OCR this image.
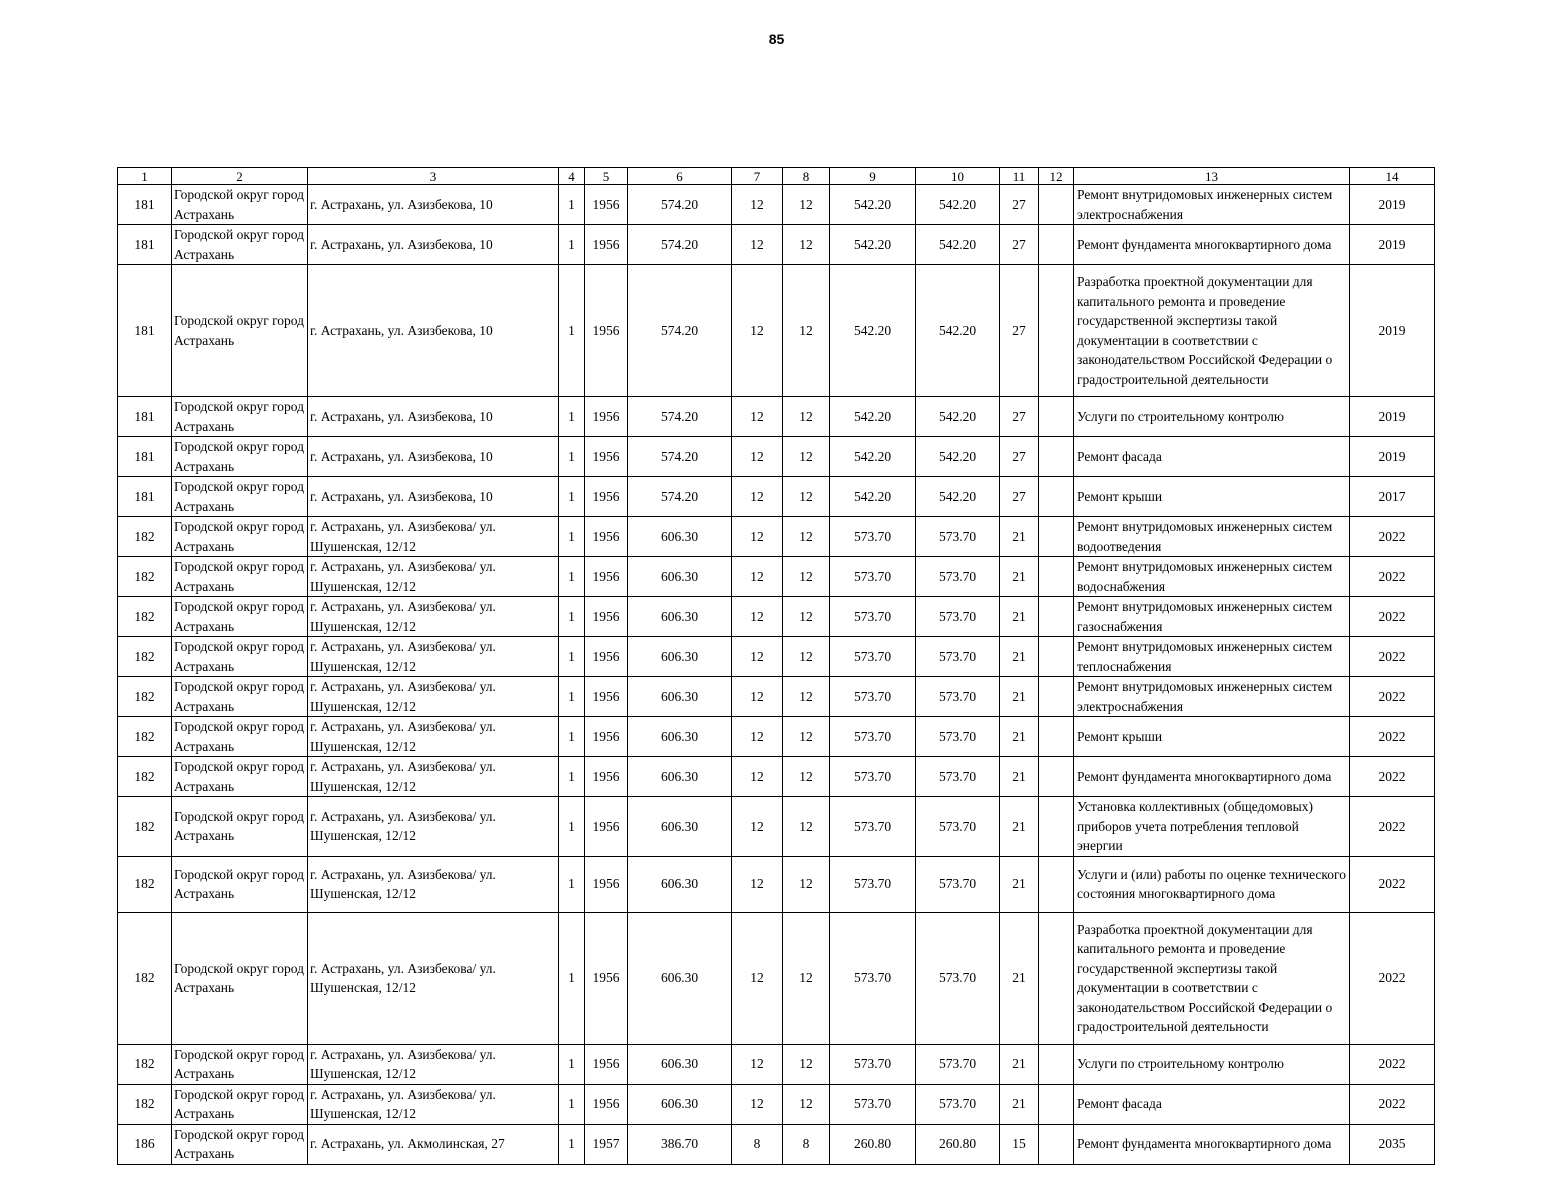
85
1	2	3	4	5	6	7	8	9	10	11	12	13	14
181	Городской округ город Астрахань	г. Астрахань, ул. Азизбекова, 10	1	1956	574.20	12	12	542.20	542.20	27		Ремонт внутридомовых инженерных систем электроснабжения	2019
181	Городской округ город Астрахань	г. Астрахань, ул. Азизбекова, 10	1	1956	574.20	12	12	542.20	542.20	27		Ремонт фундамента многоквартирного дома	2019
181	Городской округ город Астрахань	г. Астрахань, ул. Азизбекова, 10	1	1956	574.20	12	12	542.20	542.20	27		Разработка проектной документации для капитального ремонта и проведение государственной экспертизы такой документации в соответствии с законодательством Российской Федерации о градостроительной деятельности	2019
181	Городской округ город Астрахань	г. Астрахань, ул. Азизбекова, 10	1	1956	574.20	12	12	542.20	542.20	27		Услуги по строительному контролю	2019
181	Городской округ город Астрахань	г. Астрахань, ул. Азизбекова, 10	1	1956	574.20	12	12	542.20	542.20	27		Ремонт фасада	2019
181	Городской округ город Астрахань	г. Астрахань, ул. Азизбекова, 10	1	1956	574.20	12	12	542.20	542.20	27		Ремонт крыши	2017
182	Городской округ город Астрахань	г. Астрахань, ул. Азизбекова/ ул. Шушенская, 12/12	1	1956	606.30	12	12	573.70	573.70	21		Ремонт внутридомовых инженерных систем водоотведения	2022
182	Городской округ город Астрахань	г. Астрахань, ул. Азизбекова/ ул. Шушенская, 12/12	1	1956	606.30	12	12	573.70	573.70	21		Ремонт внутридомовых инженерных систем водоснабжения	2022
182	Городской округ город Астрахань	г. Астрахань, ул. Азизбекова/ ул. Шушенская, 12/12	1	1956	606.30	12	12	573.70	573.70	21		Ремонт внутридомовых инженерных систем газоснабжения	2022
182	Городской округ город Астрахань	г. Астрахань, ул. Азизбекова/ ул. Шушенская, 12/12	1	1956	606.30	12	12	573.70	573.70	21		Ремонт внутридомовых инженерных систем теплоснабжения	2022
182	Городской округ город Астрахань	г. Астрахань, ул. Азизбекова/ ул. Шушенская, 12/12	1	1956	606.30	12	12	573.70	573.70	21		Ремонт внутридомовых инженерных систем электроснабжения	2022
182	Городской округ город Астрахань	г. Астрахань, ул. Азизбекова/ ул. Шушенская, 12/12	1	1956	606.30	12	12	573.70	573.70	21		Ремонт крыши	2022
182	Городской округ город Астрахань	г. Астрахань, ул. Азизбекова/ ул. Шушенская, 12/12	1	1956	606.30	12	12	573.70	573.70	21		Ремонт фундамента многоквартирного дома	2022
182	Городской округ город Астрахань	г. Астрахань, ул. Азизбекова/ ул. Шушенская, 12/12	1	1956	606.30	12	12	573.70	573.70	21		Установка коллективных (общедомовых) приборов учета потребления тепловой энергии	2022
182	Городской округ город Астрахань	г. Астрахань, ул. Азизбекова/ ул. Шушенская, 12/12	1	1956	606.30	12	12	573.70	573.70	21		Услуги и (или) работы по оценке технического состояния многоквартирного дома	2022
182	Городской округ город Астрахань	г. Астрахань, ул. Азизбекова/ ул. Шушенская, 12/12	1	1956	606.30	12	12	573.70	573.70	21		Разработка проектной документации для капитального ремонта и проведение государственной экспертизы такой документации в соответствии с законодательством Российской Федерации о градостроительной деятельности	2022
182	Городской округ город Астрахань	г. Астрахань, ул. Азизбекова/ ул. Шушенская, 12/12	1	1956	606.30	12	12	573.70	573.70	21		Услуги по строительному контролю	2022
182	Городской округ город Астрахань	г. Астрахань, ул. Азизбекова/ ул. Шушенская, 12/12	1	1956	606.30	12	12	573.70	573.70	21		Ремонт фасада	2022
186	Городской округ город Астрахань	г. Астрахань, ул. Акмолинская, 27	1	1957	386.70	8	8	260.80	260.80	15		Ремонт фундамента многоквартирного дома	2035
